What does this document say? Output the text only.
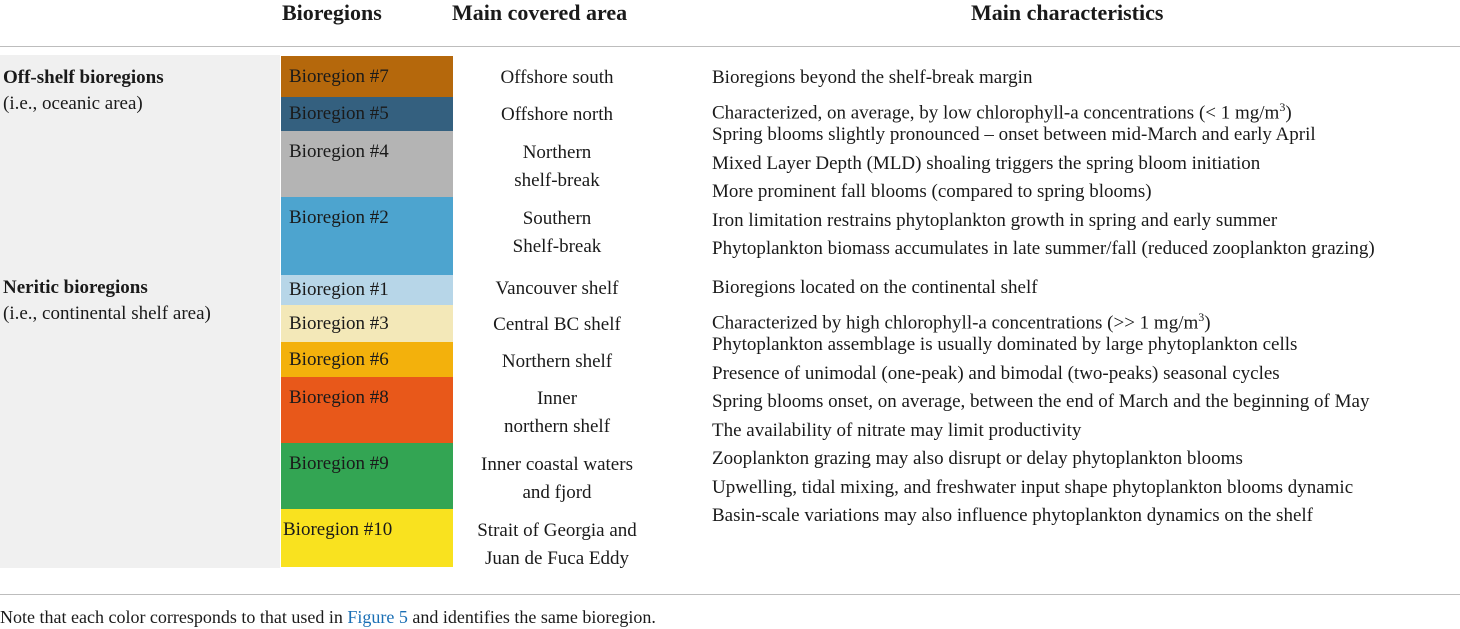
Bioregions	Main covered area	Main characteristics
Off-shelf bioregions
(i.e., oceanic area)
Neritic bioregions
(i.e., continental shelf area)
Bioregion #7
Bioregion #5
Bioregion #4
Bioregion #2
Bioregion #1
Bioregion #3
Bioregion #6
Bioregion #8
Bioregion #9
Bioregion #10
Offshore south
Offshore north
Northern
shelf-break
Southern
Shelf-break
Vancouver shelf
Central BC shelf
Northern shelf
Inner
northern shelf
Inner coastal waters
and fjord
Strait of Georgia and
Juan de Fuca Eddy
Bioregions beyond the shelf-break margin
Characterized, on average, by low chlorophyll-a concentrations (< 1 $mg/m^3$)
Spring blooms slightly pronounced – onset between mid-March and early April
Mixed Layer Depth (MLD) shoaling triggers the spring bloom initiation
More prominent fall blooms (compared to spring blooms)
Iron limitation restrains phytoplankton growth in spring and early summer
Phytoplankton biomass accumulates in late summer/fall (reduced zooplankton grazing)
Bioregions located on the continental shelf
Characterized by high chlorophyll-a concentrations (>> 1 $mg/m^3$)
Phytoplankton assemblage is usually dominated by large phytoplankton cells
Presence of unimodal (one-peak) and bimodal (two-peaks) seasonal cycles
Spring blooms onset, on average, between the end of March and the beginning of May
The availability of nitrate may limit productivity
Zooplankton grazing may also disrupt or delay phytoplankton blooms
Upwelling, tidal mixing, and freshwater input shape phytoplankton blooms dynamic
Basin-scale variations may also influence phytoplankton dynamics on the shelf
Note that each color corresponds to that used in Figure 5 and identifies the same bioregion.
